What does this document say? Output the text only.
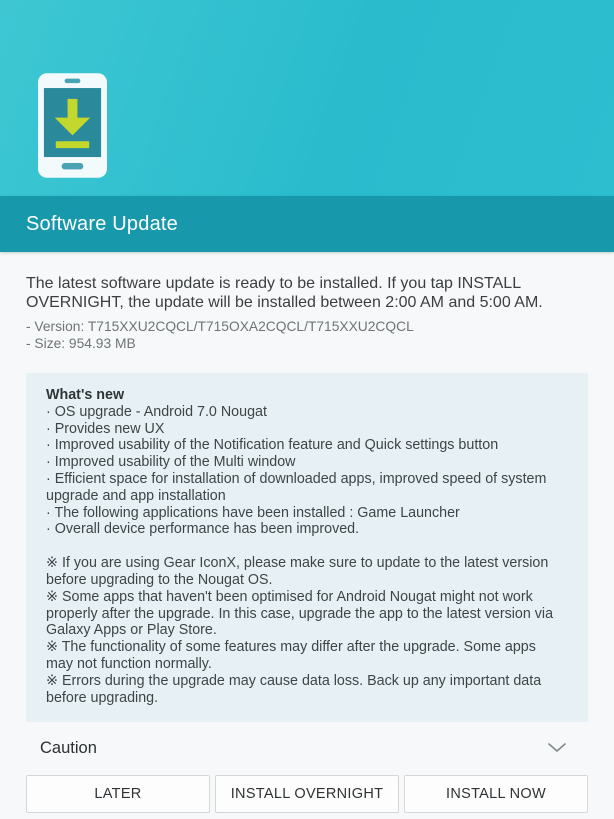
Software Update

The latest software update is ready to be installed. If you tap INSTALL OVERNIGHT, the update will be installed between 2:00 AM and 5:00 AM.

- Version: T715XXU2CQCL/T715OXA2CQCL/T715XXU2CQCL
- Size: 954.93 MB
What's new
· OS upgrade - Android 7.0 Nougat
· Provides new UX
· Improved usability of the Notification feature and Quick settings button
· Improved usability of the Multi window
· Efficient space for installation of downloaded apps, improved speed of system upgrade and app installation
· The following applications have been installed : Game Launcher
· Overall device performance has been improved.
※ If you are using Gear IconX, please make sure to update to the latest version before upgrading to the Nougat OS.
※ Some apps that haven't been optimised for Android Nougat might not work properly after the upgrade. In this case, upgrade the app to the latest version via Galaxy Apps or Play Store.
※ The functionality of some features may differ after the upgrade. Some apps may not function normally.
※ Errors during the upgrade may cause data loss. Back up any important data before upgrading.
Caution
LATER	INSTALL OVERNIGHT	INSTALL NOW
